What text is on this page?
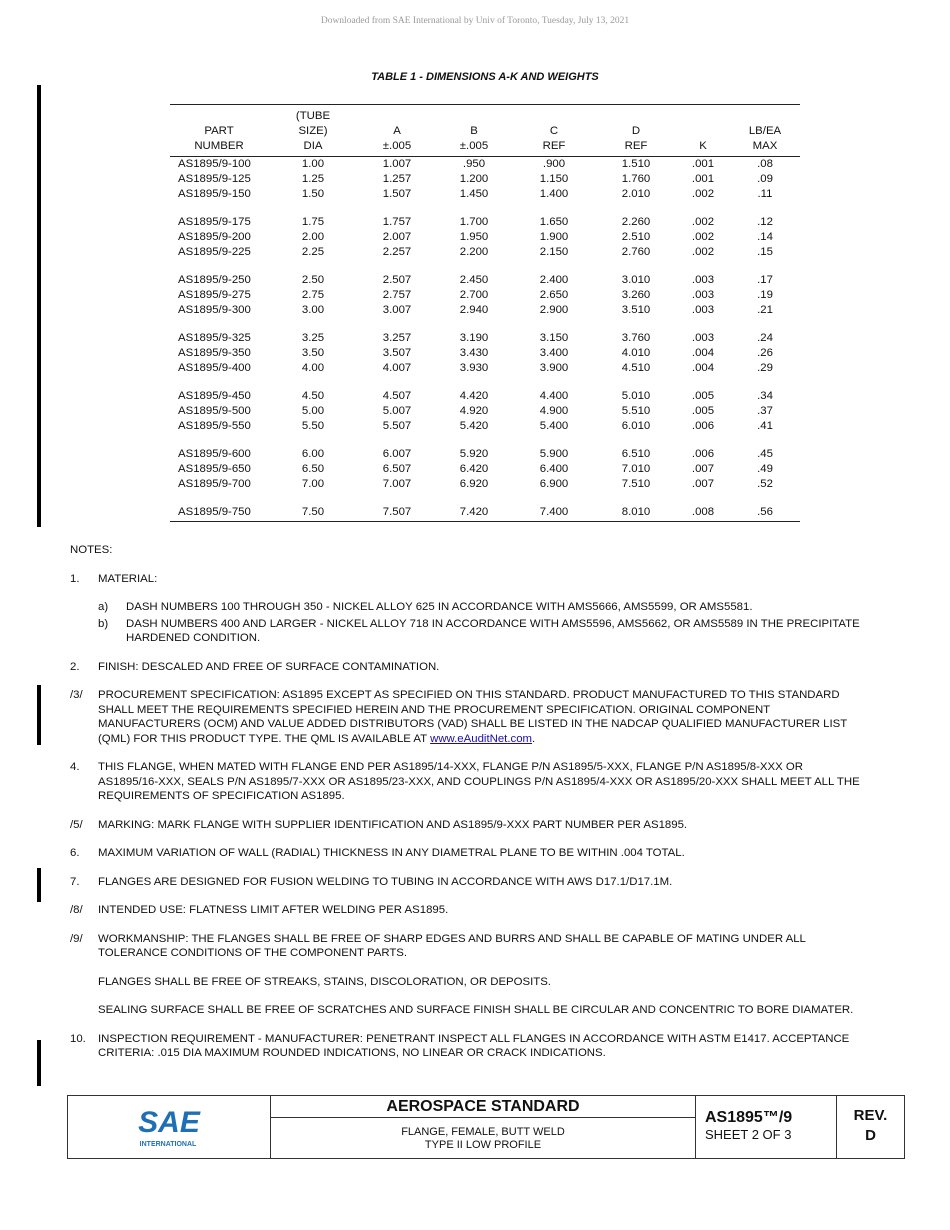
Downloaded from SAE International by Univ of Toronto, Tuesday, July 13, 2021
TABLE 1 - DIMENSIONS A-K AND WEIGHTS
	(TUBE						
PART	SIZE)	A	B	C	D		LB/EA
NUMBER	DIA	±.005	±.005	REF	REF	K	MAX
AS1895/9-100	1.00	1.007	.950	.900	1.510	.001	.08
AS1895/9-125	1.25	1.257	1.200	1.150	1.760	.001	.09
AS1895/9-150	1.50	1.507	1.450	1.400	2.010	.002	.11
AS1895/9-175	1.75	1.757	1.700	1.650	2.260	.002	.12
AS1895/9-200	2.00	2.007	1.950	1.900	2.510	.002	.14
AS1895/9-225	2.25	2.257	2.200	2.150	2.760	.002	.15
AS1895/9-250	2.50	2.507	2.450	2.400	3.010	.003	.17
AS1895/9-275	2.75	2.757	2.700	2.650	3.260	.003	.19
AS1895/9-300	3.00	3.007	2.940	2.900	3.510	.003	.21
AS1895/9-325	3.25	3.257	3.190	3.150	3.760	.003	.24
AS1895/9-350	3.50	3.507	3.430	3.400	4.010	.004	.26
AS1895/9-400	4.00	4.007	3.930	3.900	4.510	.004	.29
AS1895/9-450	4.50	4.507	4.420	4.400	5.010	.005	.34
AS1895/9-500	5.00	5.007	4.920	4.900	5.510	.005	.37
AS1895/9-550	5.50	5.507	5.420	5.400	6.010	.006	.41
AS1895/9-600	6.00	6.007	5.920	5.900	6.510	.006	.45
AS1895/9-650	6.50	6.507	6.420	6.400	7.010	.007	.49
AS1895/9-700	7.00	7.007	6.920	6.900	7.510	.007	.52
AS1895/9-750	7.50	7.507	7.420	7.400	8.010	.008	.56
NOTES:
1.	MATERIAL:

a)	DASH NUMBERS 100 THROUGH 350 - NICKEL ALLOY 625 IN ACCORDANCE WITH AMS5666, AMS5599, OR AMS5581.
b)	DASH NUMBERS 400 AND LARGER - NICKEL ALLOY 718 IN ACCORDANCE WITH AMS5596, AMS5662, OR AMS5589 IN THE PRECIPITATE HARDENED CONDITION.
2.	FINISH: DESCALED AND FREE OF SURFACE CONTAMINATION.
/3/	PROCUREMENT SPECIFICATION: AS1895 EXCEPT AS SPECIFIED ON THIS STANDARD. PRODUCT MANUFACTURED TO THIS STANDARD SHALL MEET THE REQUIREMENTS SPECIFIED HEREIN AND THE PROCUREMENT SPECIFICATION. ORIGINAL COMPONENT MANUFACTURERS (OCM) AND VALUE ADDED DISTRIBUTORS (VAD) SHALL BE LISTED IN THE NADCAP QUALIFIED MANUFACTURER LIST (QML) FOR THIS PRODUCT TYPE. THE QML IS AVAILABLE AT www.eAuditNet.com.
4.	THIS FLANGE, WHEN MATED WITH FLANGE END PER AS1895/14-XXX, FLANGE P/N AS1895/5-XXX, FLANGE P/N AS1895/8-XXX OR AS1895/16-XXX, SEALS P/N AS1895/7-XXX OR AS1895/23-XXX, AND COUPLINGS P/N AS1895/4-XXX OR AS1895/20-XXX SHALL MEET ALL THE REQUIREMENTS OF SPECIFICATION AS1895.
/5/	MARKING: MARK FLANGE WITH SUPPLIER IDENTIFICATION AND AS1895/9-XXX PART NUMBER PER AS1895.
6.	MAXIMUM VARIATION OF WALL (RADIAL) THICKNESS IN ANY DIAMETRAL PLANE TO BE WITHIN .004 TOTAL.
7.	FLANGES ARE DESIGNED FOR FUSION WELDING TO TUBING IN ACCORDANCE WITH AWS D17.1/D17.1M.
/8/	INTENDED USE: FLATNESS LIMIT AFTER WELDING PER AS1895.
/9/	WORKMANSHIP: THE FLANGES SHALL BE FREE OF SHARP EDGES AND BURRS AND SHALL BE CAPABLE OF MATING UNDER ALL TOLERANCE CONDITIONS OF THE COMPONENT PARTS.

FLANGES SHALL BE FREE OF STREAKS, STAINS, DISCOLORATION, OR DEPOSITS.

SEALING SURFACE SHALL BE FREE OF SCRATCHES AND SURFACE FINISH SHALL BE CIRCULAR AND CONCENTRIC TO BORE DIAMATER.

10.	INSPECTION REQUIREMENT - MANUFACTURER: PENETRANT INSPECT ALL FLANGES IN ACCORDANCE WITH ASTM E1417. ACCEPTANCE CRITERIA: .015 DIA MAXIMUM ROUNDED INDICATIONS, NO LINEAR OR CRACK INDICATIONS.
SAE
INTERNATIONAL
AEROSPACE STANDARD
FLANGE, FEMALE, BUTT WELD
TYPE II LOW PROFILE
AS1895™/9
SHEET 2 OF 3
REV.
D
